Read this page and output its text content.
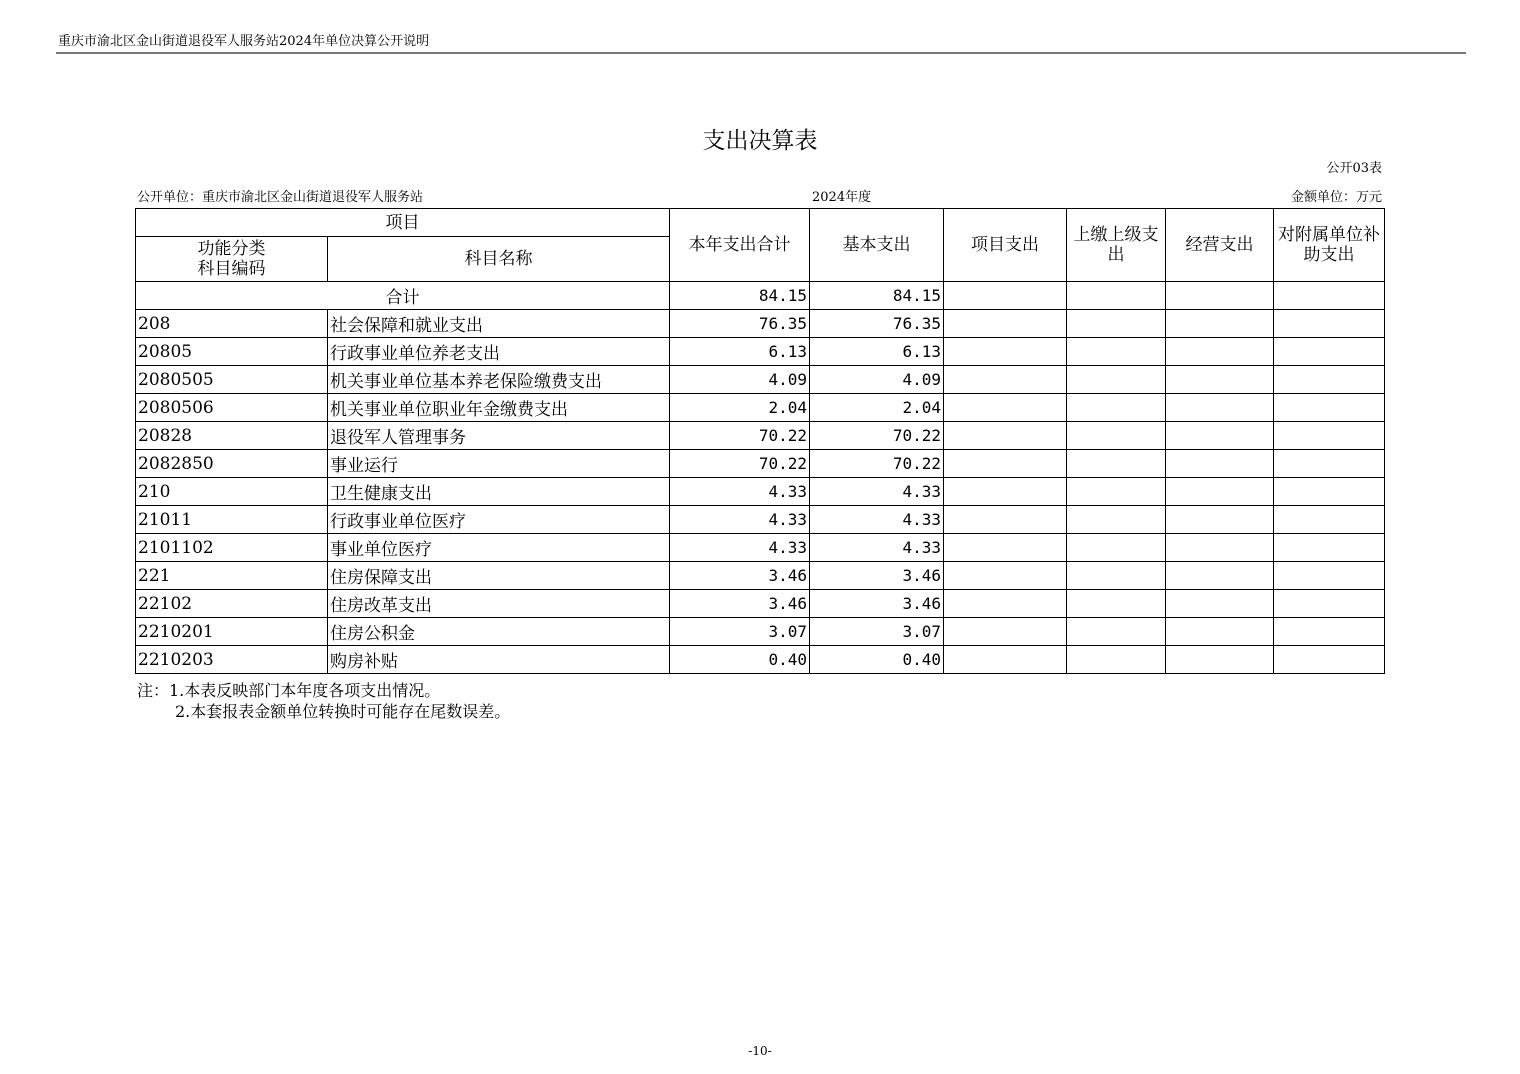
重庆市渝北区金山街道退役军人服务站2024年单位决算公开说明
支出决算表
公开03表
公开单位：重庆市渝北区金山街道退役军人服务站	2024年度	金额单位：万元
项目		本年支出合计	基本支出	项目支出	上缴上级支出	经营支出	对附属单位补助支出
功能分类
科目编码	科目名称						
合计		84.15	84.15				
208	社会保障和就业支出	76.35	76.35				
20805	行政事业单位养老支出	6.13	6.13				
2080505	机关事业单位基本养老保险缴费支出	4.09	4.09				
2080506	机关事业单位职业年金缴费支出	2.04	2.04				
20828	退役军人管理事务	70.22	70.22				
2082850	事业运行	70.22	70.22				
210	卫生健康支出	4.33	4.33				
21011	行政事业单位医疗	4.33	4.33				
2101102	事业单位医疗	4.33	4.33				
221	住房保障支出	3.46	3.46				
22102	住房改革支出	3.46	3.46				
2210201	住房公积金	3.07	3.07				
2210203	购房补贴	0.40	0.40				
注：1.本表反映部门本年度各项支出情况。
2.本套报表金额单位转换时可能存在尾数误差。
-10-
